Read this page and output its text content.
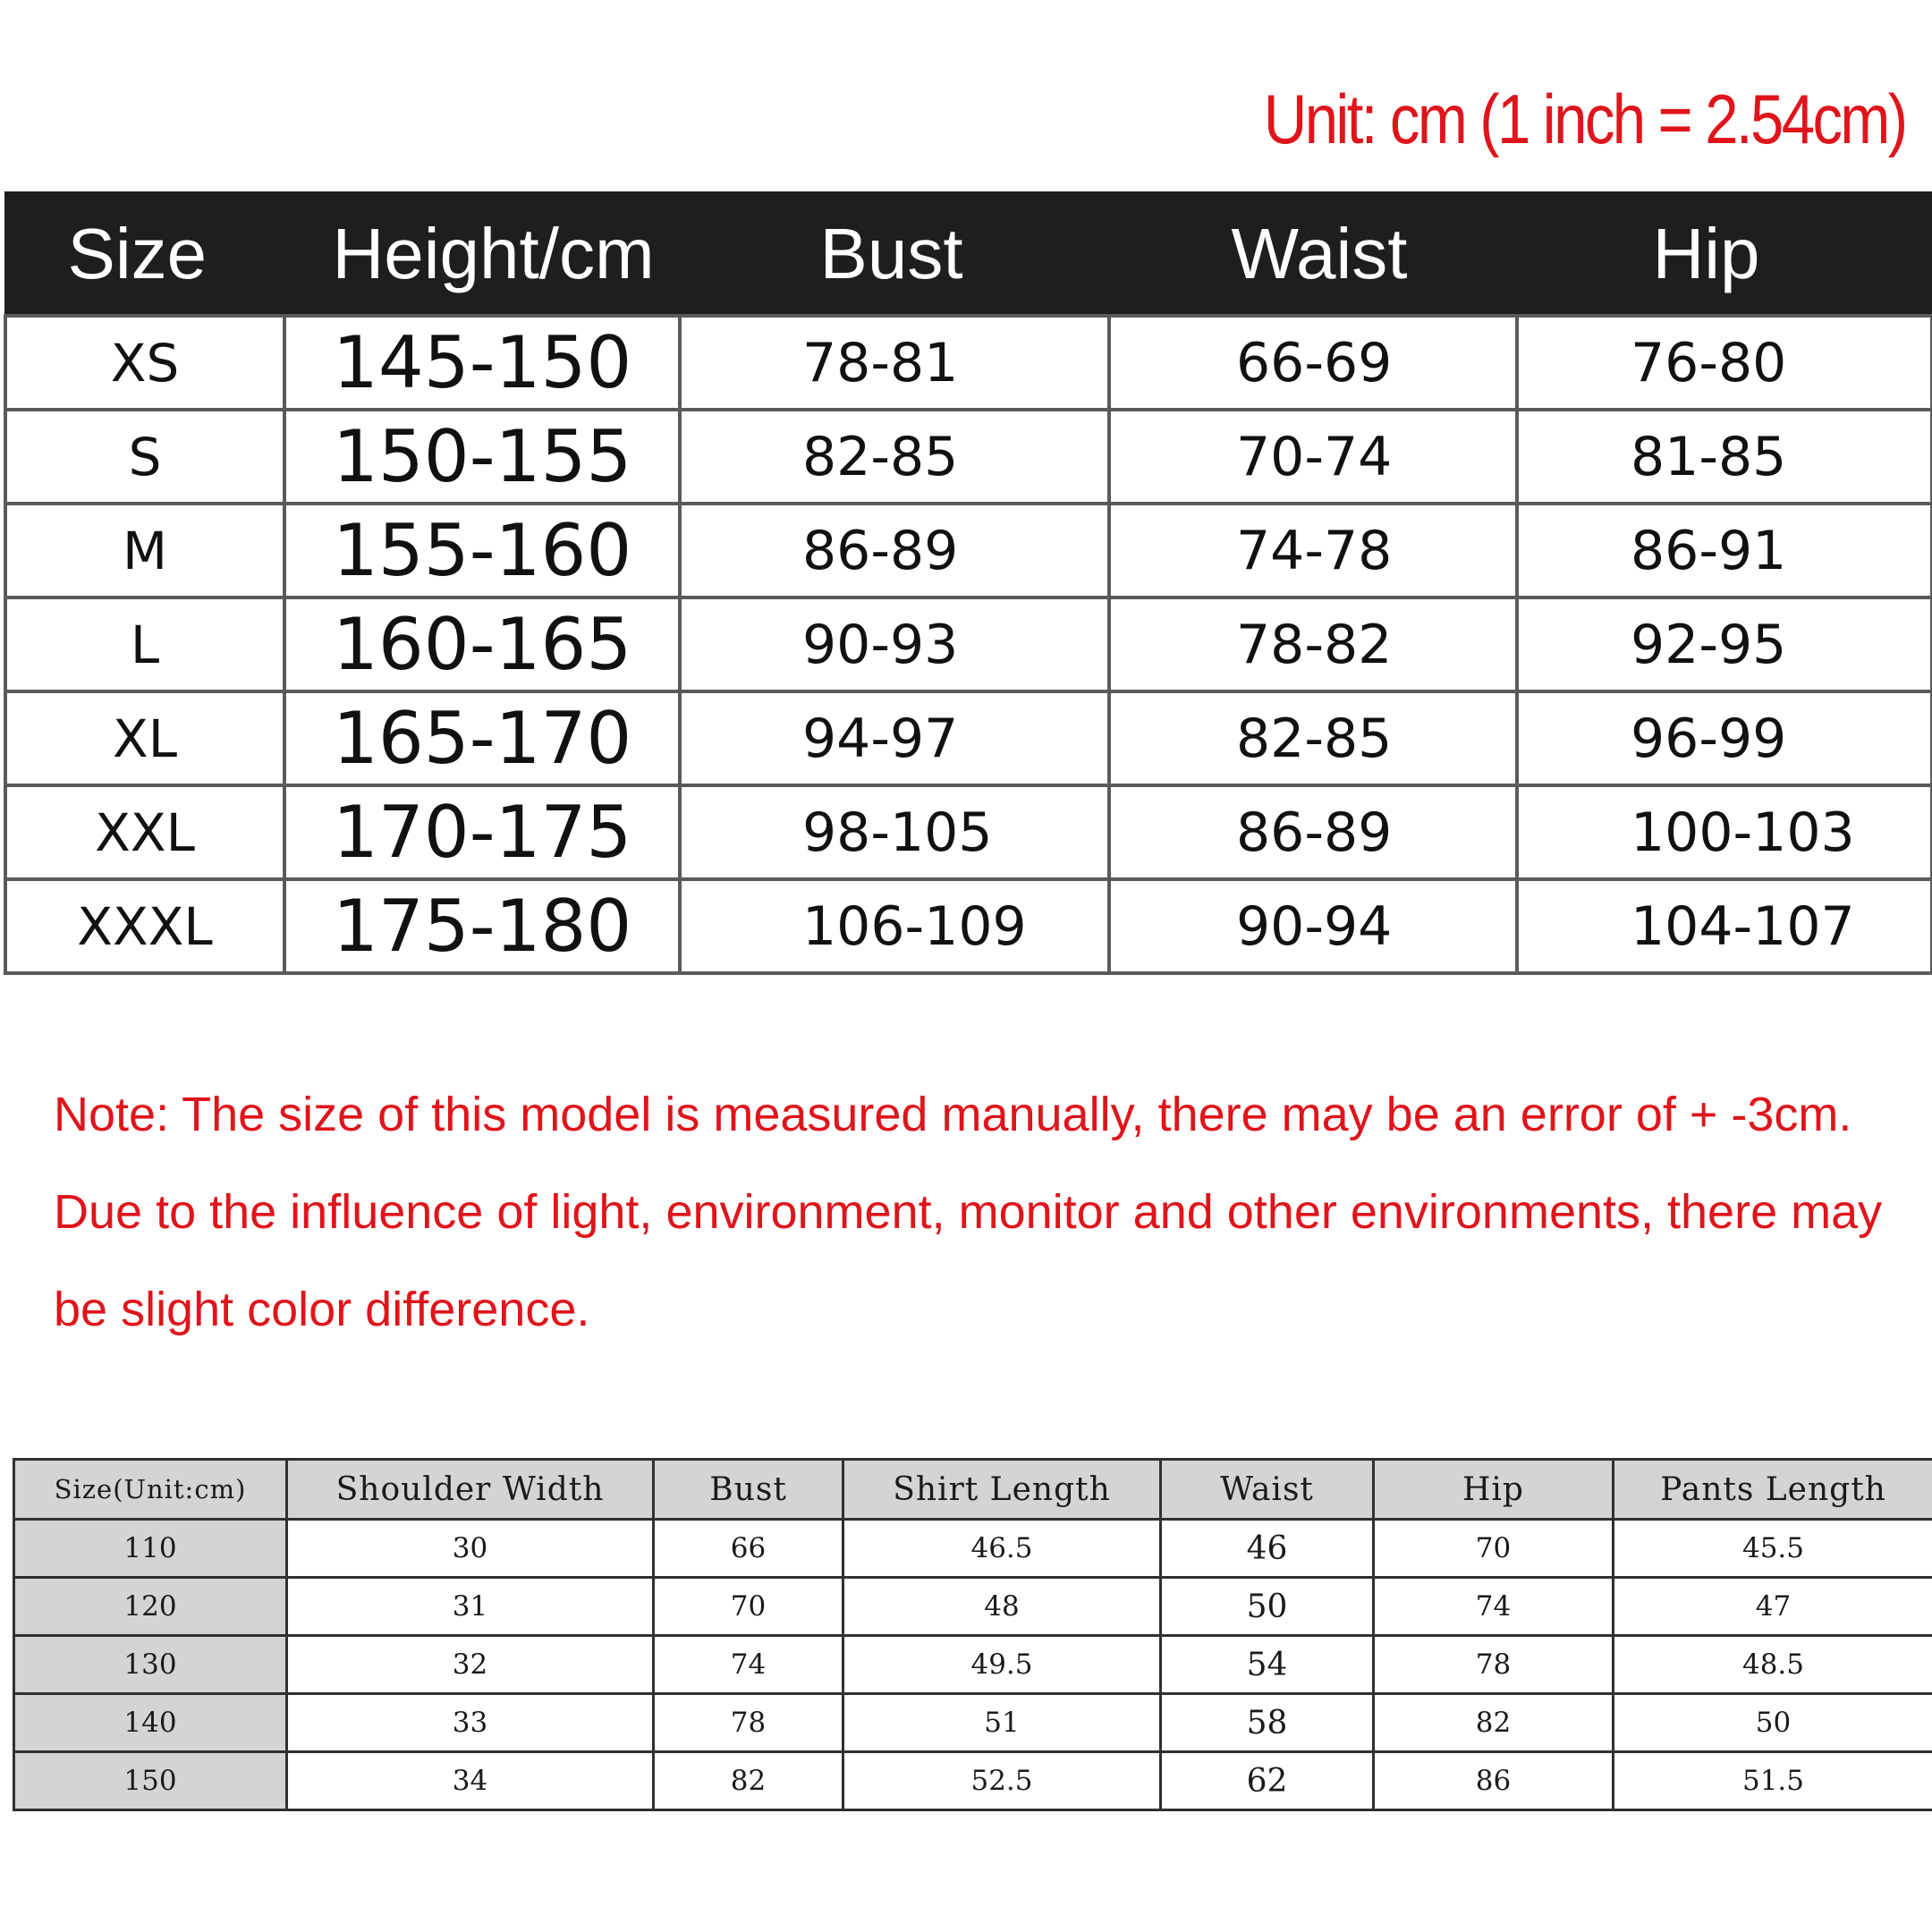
Unit: cm (1 inch = 2.54cm)
Size	Height/cm	Bust	Waist	Hip
XS	145-150	78-81	66-69	76-80
S	150-155	82-85	70-74	81-85
M	155-160	86-89	74-78	86-91
L	160-165	90-93	78-82	92-95
XL	165-170	94-97	82-85	96-99
XXL	170-175	98-105	86-89	100-103
XXXL	175-180	106-109	90-94	104-107

Note: The size of this model is measured manually, there may be an error of + -3cm.

Due to the influence of light, environment, monitor and other environments, there may

be slight color difference.

Size(Unit:cm)	Shoulder Width	Bust	Shirt Length	Waist	Hip	Pants Length
110	30	66	46.5	46	70	45.5
120	31	70	48	50	74	47
130	32	74	49.5	54	78	48.5
140	33	78	51	58	82	50
150	34	82	52.5	62	86	51.5
